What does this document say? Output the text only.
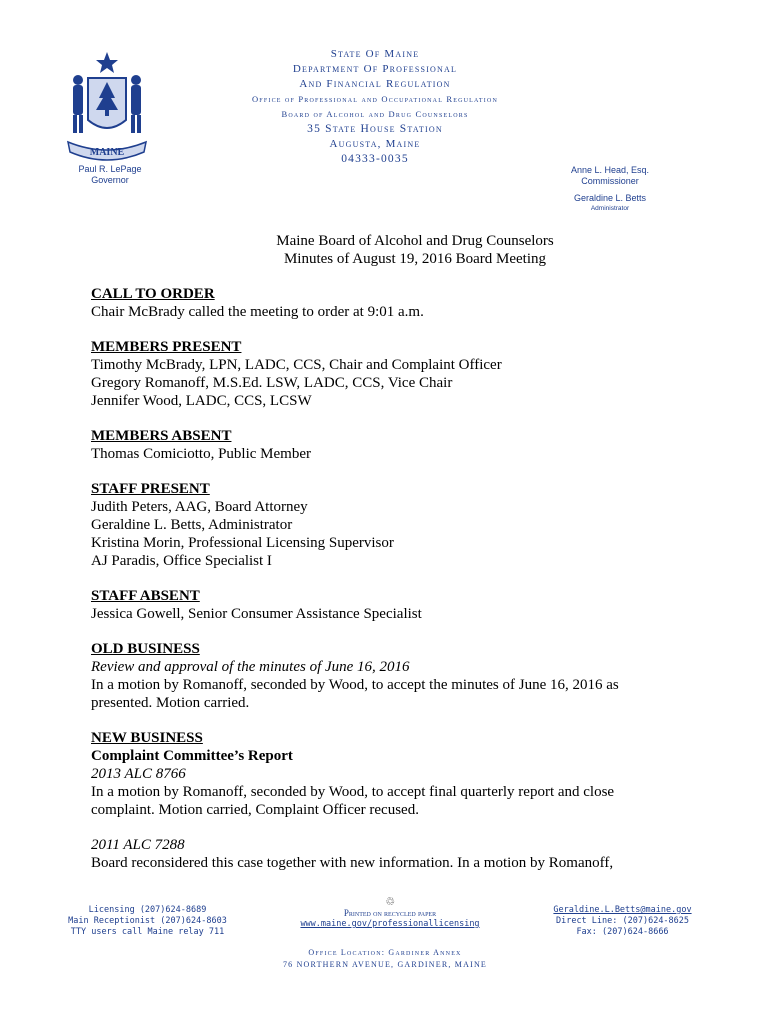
MAINE
State Of Maine
Department Of Professional
And Financial Regulation
Office of Professional and Occupational Regulation
Board of Alcohol and Drug Counselors
35 State House Station
Augusta, Maine
04333-0035
Paul R. LePage
Governor
Anne L. Head, Esq.
Commissioner
Geraldine L. Betts
Administrator
Maine Board of Alcohol and Drug Counselors
Minutes of August 19, 2016 Board Meeting
CALL TO ORDER
Chair McBrady called the meeting to order at 9:01 a.m.
MEMBERS PRESENT
Timothy McBrady, LPN, LADC, CCS, Chair and Complaint Officer
Gregory Romanoff, M.S.Ed. LSW, LADC, CCS, Vice Chair
Jennifer Wood, LADC, CCS, LCSW
MEMBERS ABSENT
Thomas Comiciotto, Public Member
STAFF PRESENT
Judith Peters, AAG, Board Attorney
Geraldine L. Betts, Administrator
Kristina Morin, Professional Licensing Supervisor
AJ Paradis, Office Specialist I
STAFF ABSENT
Jessica Gowell, Senior Consumer Assistance Specialist
OLD BUSINESS
Review and approval of the minutes of June 16, 2016
In a motion by Romanoff, seconded by Wood, to accept the minutes of June 16, 2016 as
presented. Motion carried.
NEW BUSINESS
Complaint Committee’s Report
2013 ALC 8766
In a motion by Romanoff, seconded by Wood, to accept final quarterly report and close
complaint. Motion carried, Complaint Officer recused.
2011 ALC 7288
Board reconsidered this case together with new information. In a motion by Romanoff,
Licensing (207)624-8689
Main Receptionist (207)624-8603
TTY users call Maine relay 711
♲
Printed on recycled paper
www.maine.gov/professionallicensing
Geraldine.L.Betts@maine.gov
Direct Line: (207)624-8625
Fax: (207)624-8666
Office Location: Gardiner Annex
76 NORTHERN AVENUE, GARDINER, MAINE
